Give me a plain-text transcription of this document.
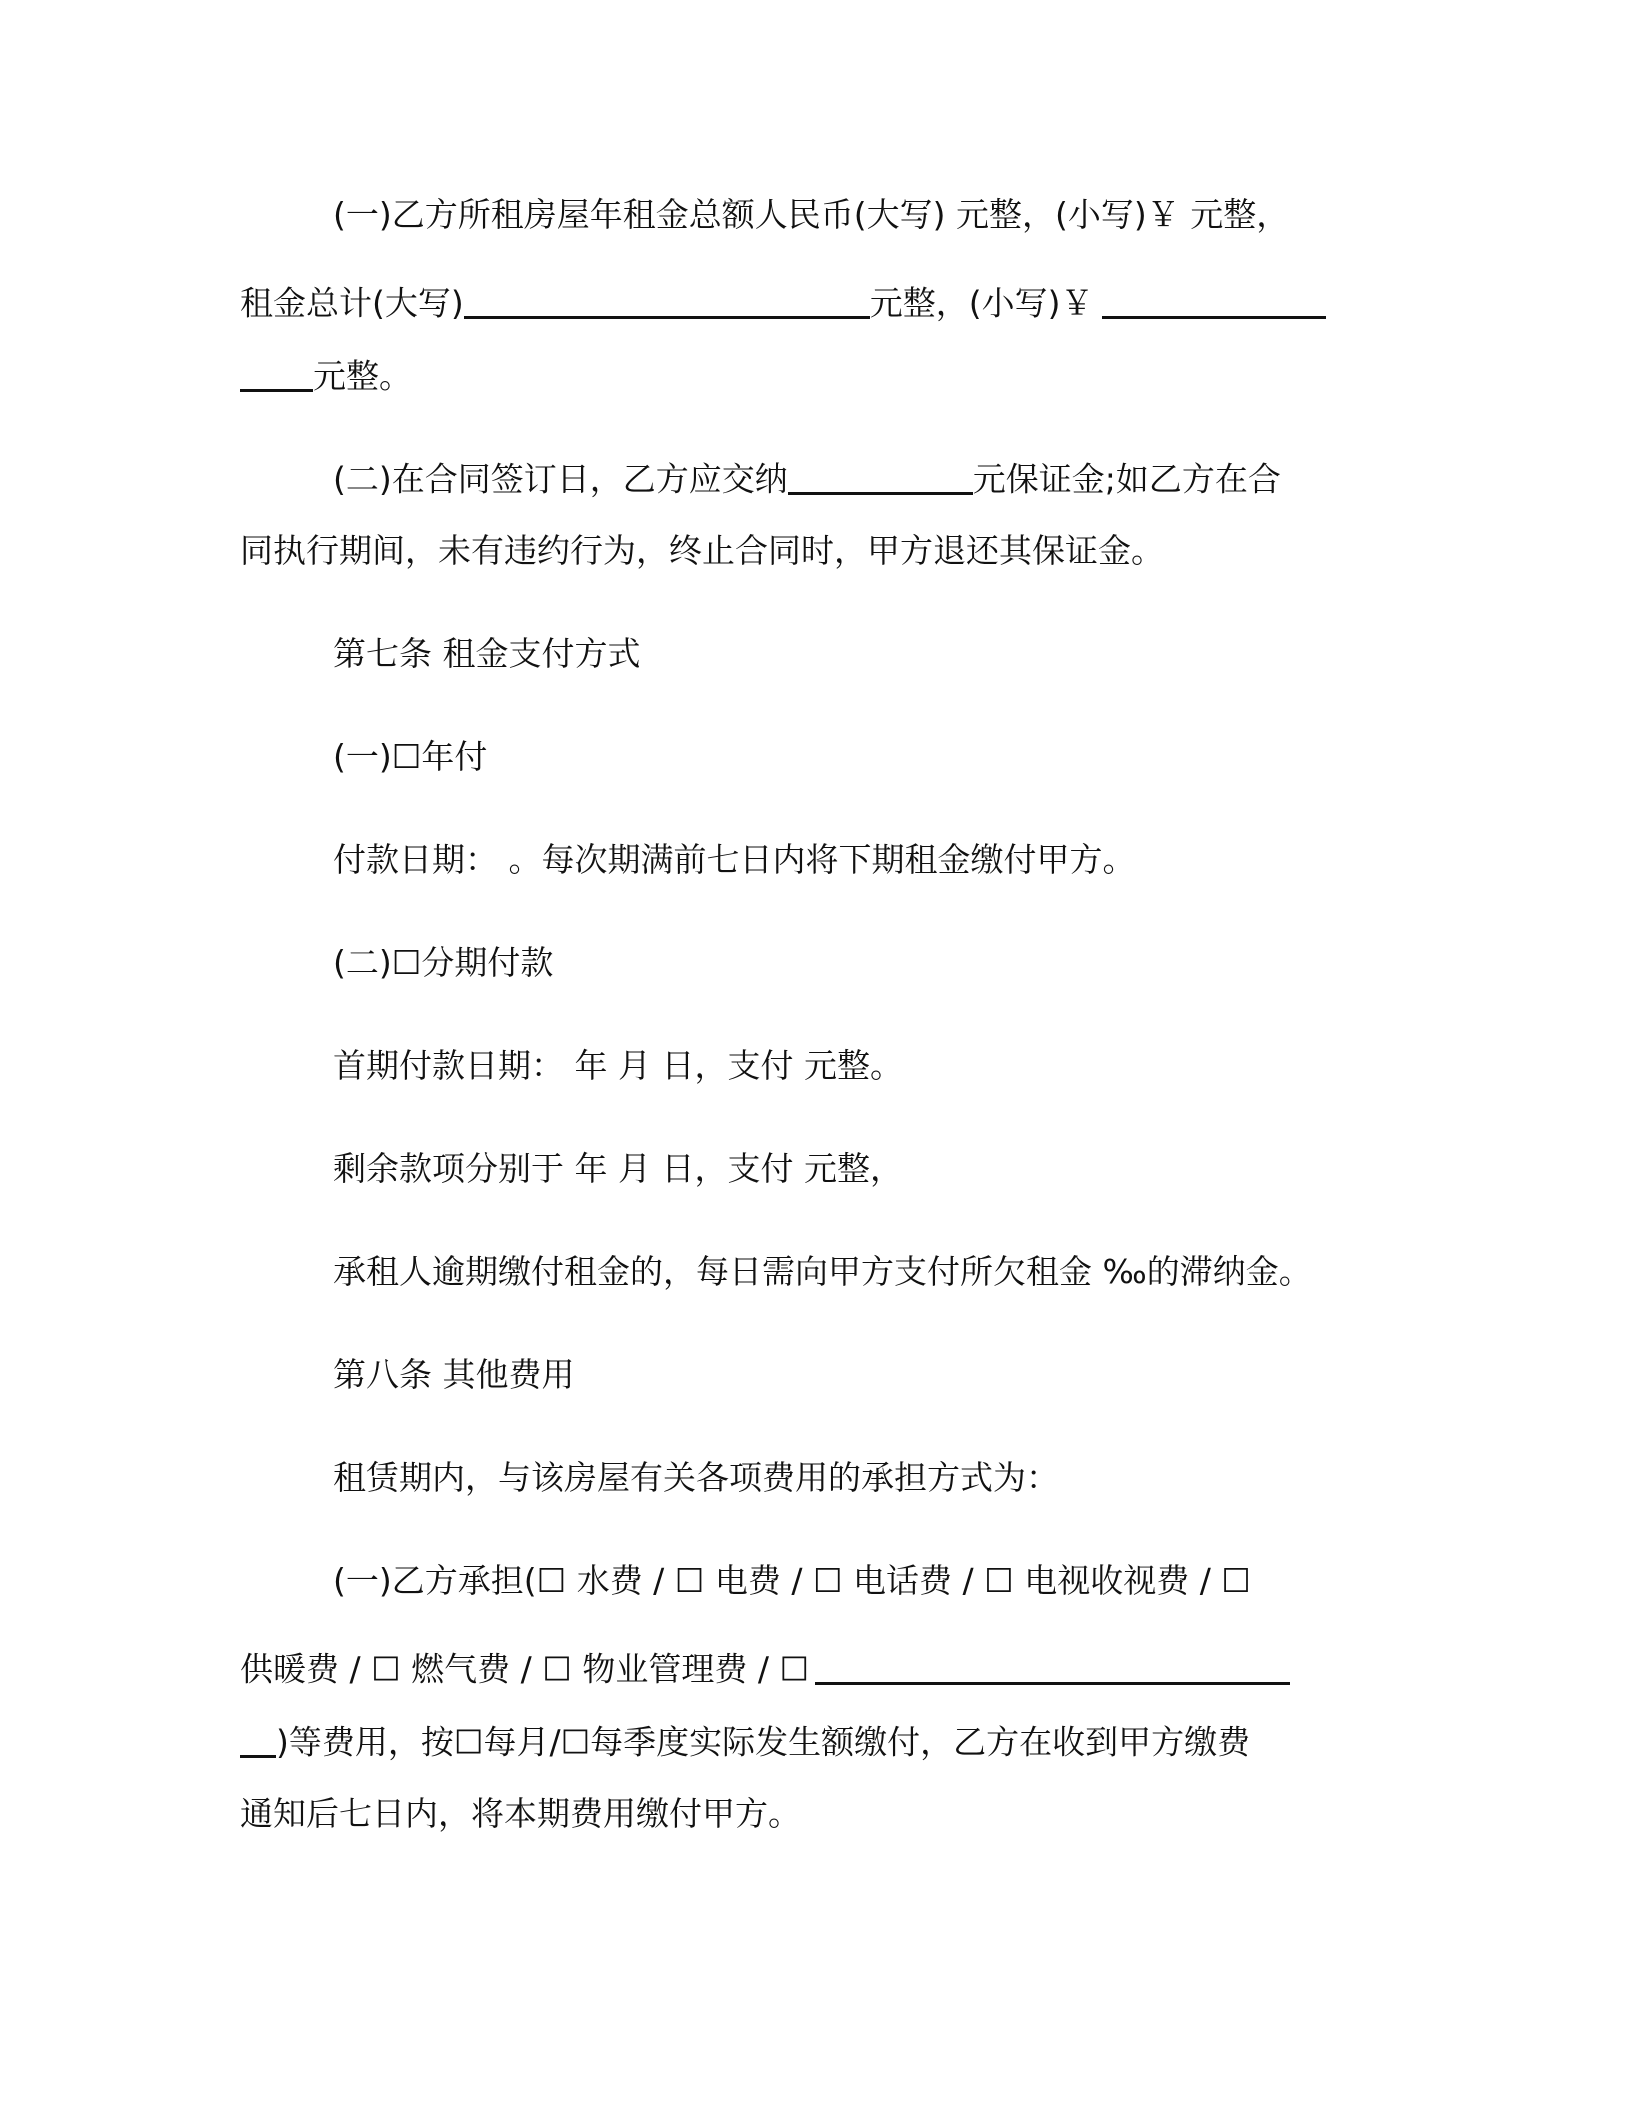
(一)乙方所租房屋年租金总额人民币(大写) 元整，(小写)￥ 元整，

租金总计(大写)	元整，(小写)￥

元整。

(二)在合同签订日，乙方应交纳	元保证金;如乙方在合

同执行期间，未有违约行为，终止合同时，甲方退还其保证金。

第七条 租金支付方式

(一)☐年付

付款日期： 。每次期满前七日内将下期租金缴付甲方。

(二)☐分期付款

首期付款日期： 年 月 日，支付 元整。

剩余款项分别于 年 月 日，支付 元整，

承租人逾期缴付租金的，每日需向甲方支付所欠租金 ‰的滞纳金。

第八条 其他费用

租赁期内，与该房屋有关各项费用的承担方式为：

(一)乙方承担(☐ 水费 / ☐ 电费 / ☐ 电话费 / ☐ 电视收视费 / ☐

供暖费 / ☐ 燃气费 / ☐ 物业管理费 / ☐

)等费用，按☐每月/☐每季度实际发生额缴付，乙方在收到甲方缴费

通知后七日内，将本期费用缴付甲方。
